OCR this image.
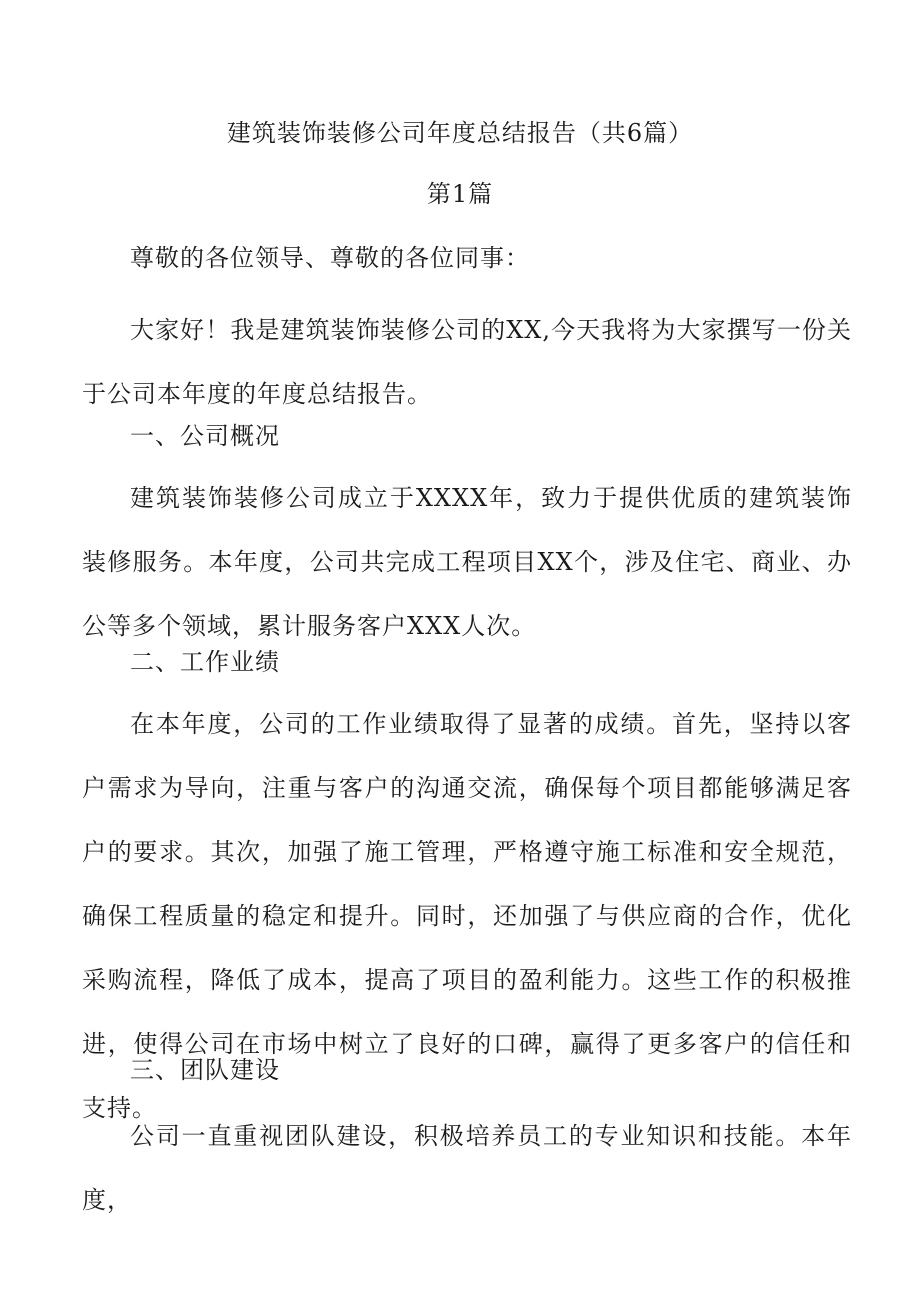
建筑装饰装修公司年度总结报告（共6篇）
第1篇

尊敬的各位领导、尊敬的各位同事：

大家好！我是建筑装饰装修公司的XX,今天我将为大家撰写一份关于公司本年度的年度总结报告。

一、公司概况

建筑装饰装修公司成立于XXXX年，致力于提供优质的建筑装饰装修服务。本年度，公司共完成工程项目XX个，涉及住宅、商业、办公等多个领域，累计服务客户XXX人次。

二、工作业绩

在本年度，公司的工作业绩取得了显著的成绩。首先，坚持以客户需求为导向，注重与客户的沟通交流，确保每个项目都能够满足客户的要求。其次，加强了施工管理，严格遵守施工标准和安全规范，确保工程质量的稳定和提升。同时，还加强了与供应商的合作，优化采购流程，降低了成本，提高了项目的盈利能力。这些工作的积极推进，使得公司在市场中树立了良好的口碑，赢得了更多客户的信任和支持。

三、团队建设

公司一直重视团队建设，积极培养员工的专业知识和技能。本年度，
